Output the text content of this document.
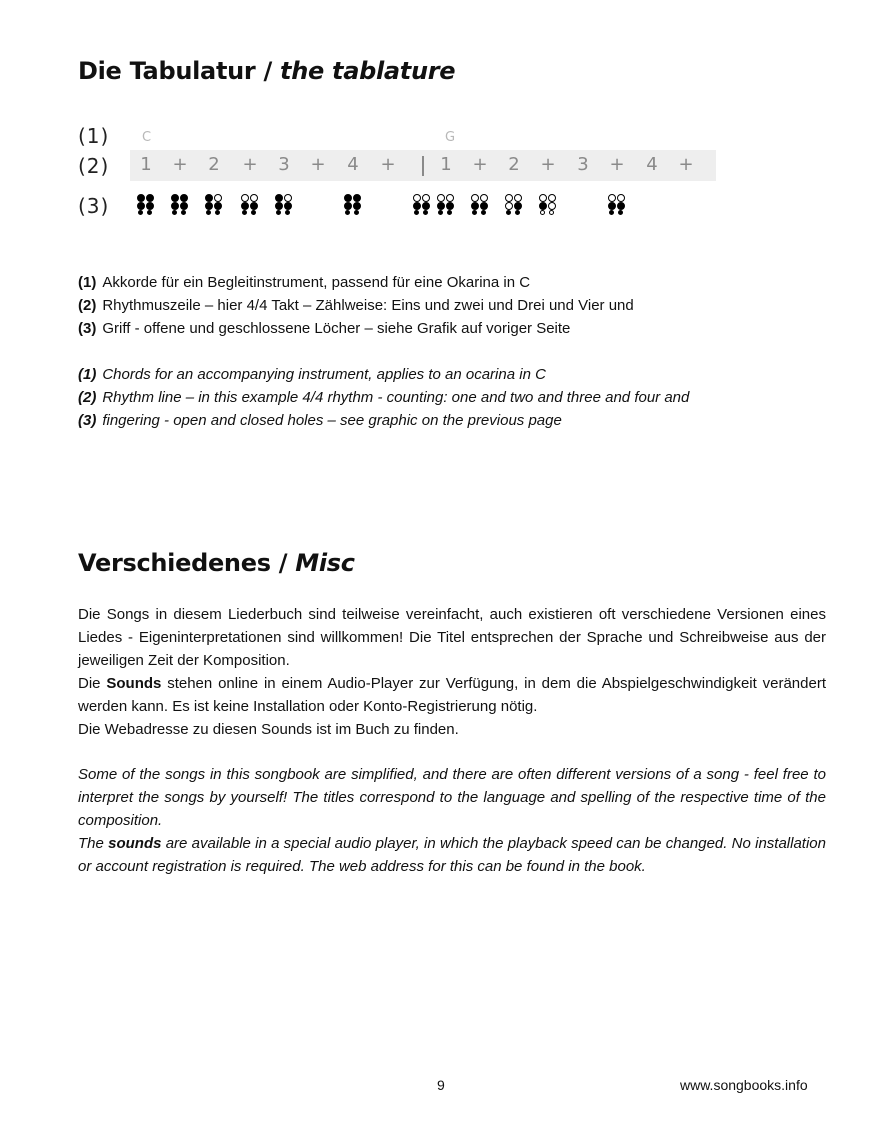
Die Tabulatur / the tablature
(1)
(2)
(3)
C	G
1 + 2 + 3 + 4 + 1 + 2 + 3 + 4 +
(1) Akkorde für ein Begleitinstrument, passend für eine Okarina in C
(2) Rhythmuszeile – hier 4/4 Takt – Zählweise: Eins und zwei und Drei und Vier und
(3) Griff - offene und geschlossene Löcher – siehe Grafik auf voriger Seite
(1) Chords for an accompanying instrument, applies to an ocarina in C
(2) Rhythm line – in this example 4/4 rhythm - counting: one and two and three and four and
(3) fingering - open and closed holes – see graphic on the previous page
Verschiedenes / Misc
Die Songs in diesem Liederbuch sind teilweise vereinfacht, auch existieren oft verschiedene Versionen eines Liedes - Eigeninterpretationen sind willkommen! Die Titel entsprechen der Sprache und Schreibweise aus der jeweiligen Zeit der Komposition.
Die Sounds stehen online in einem Audio-Player zur Verfügung, in dem die Abspielgeschwindigkeit verändert werden kann. Es ist keine Installation oder Konto-Registrierung nötig.
Die Webadresse zu diesen Sounds ist im Buch zu finden.
Some of the songs in this songbook are simplified, and there are often different versions of a song - feel free to interpret the songs by yourself! The titles correspond to the language and spelling of the respective time of the composition.
The sounds are available in a special audio player, in which the playback speed can be changed. No installation or account registration is required. The web address for this can be found in the book.
9	www.songbooks.info
